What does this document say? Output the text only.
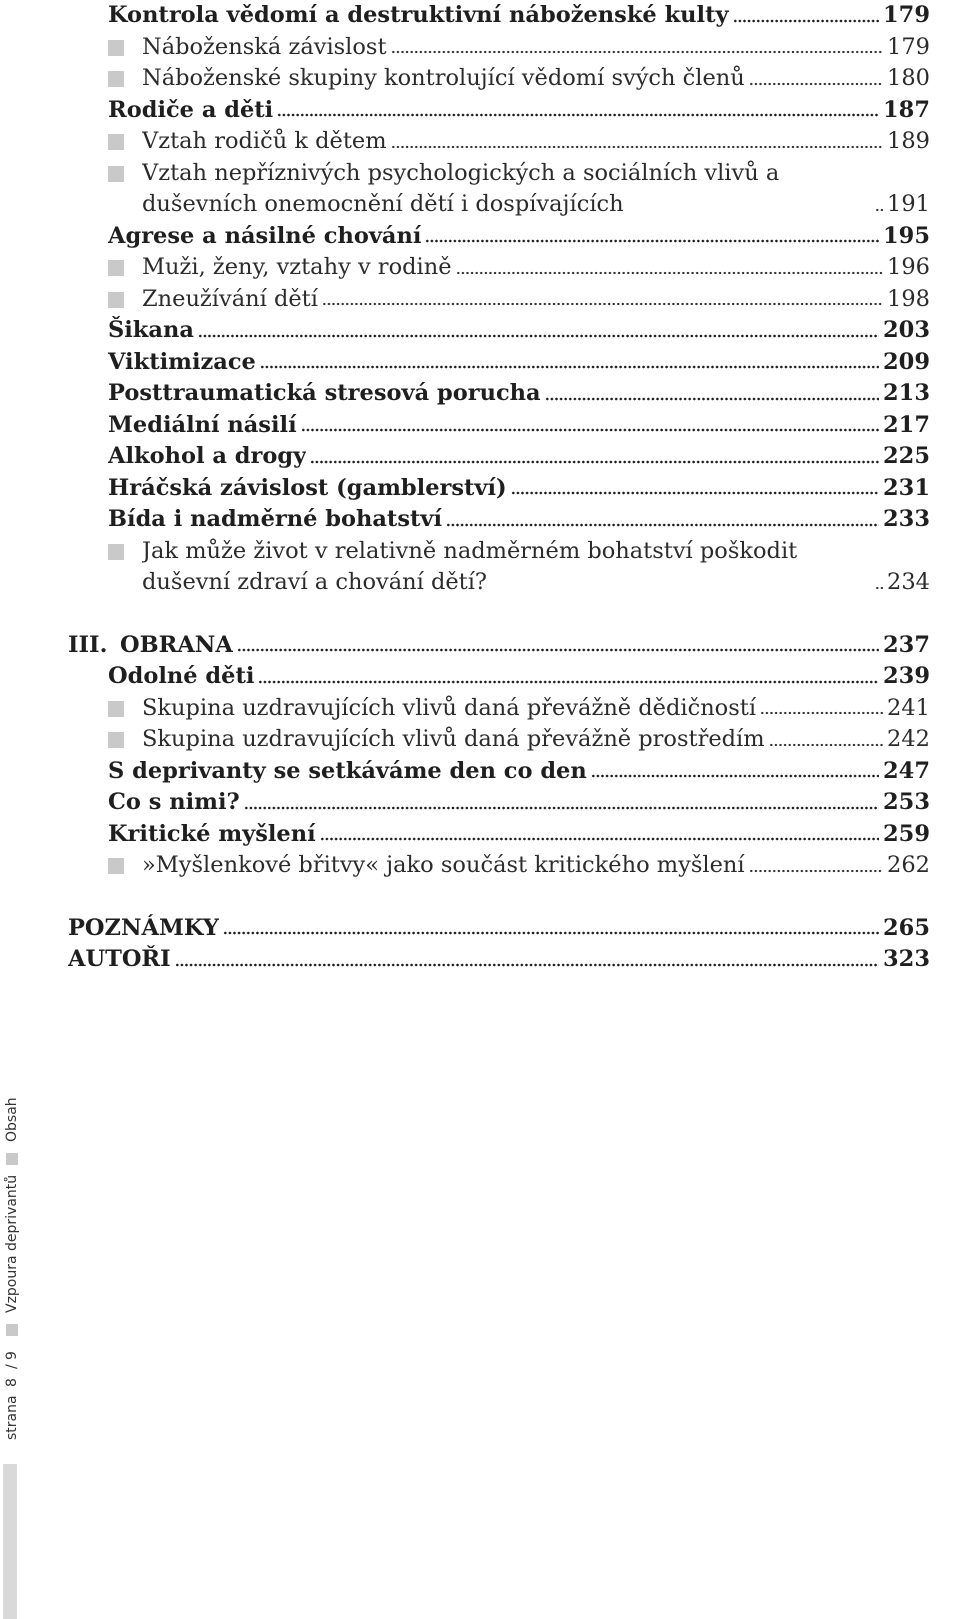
Kontrola vědomí a destruktivní náboženské kulty	179
Náboženská závislost	179
Náboženské skupiny kontrolující vědomí svých členů	180
Rodiče a děti	187
Vztah rodičů k dětem	189
Vztah nepříznivých psychologických a sociálních vlivů a duševních onemocnění dětí i dospívajících	191
Agrese a násilné chování	195
Muži, ženy, vztahy v rodině	196
Zneužívání dětí	198
Šikana	203
Viktimizace	209
Posttraumatická stresová porucha	213
Mediální násilí	217
Alkohol a drogy	225
Hráčská závislost (gamblerství)	231
Bída i nadměrné bohatství	233
Jak může život v relativně nadměrném bohatství poškodit duševní zdraví a chování dětí?	234
III. OBRANA	237
Odolné děti	239
Skupina uzdravujících vlivů daná převážně dědičností	241
Skupina uzdravujících vlivů daná převážně prostředím	242
S deprivanty se setkáváme den co den	247
Co s nimi?	253
Kritické myšlení	259
»Myšlenkové břitvy« jako součást kritického myšlení	262
POZNÁMKY	265
AUTOŘI	323
strana

8

/

9

Vzpoura deprivantů

Obsah
